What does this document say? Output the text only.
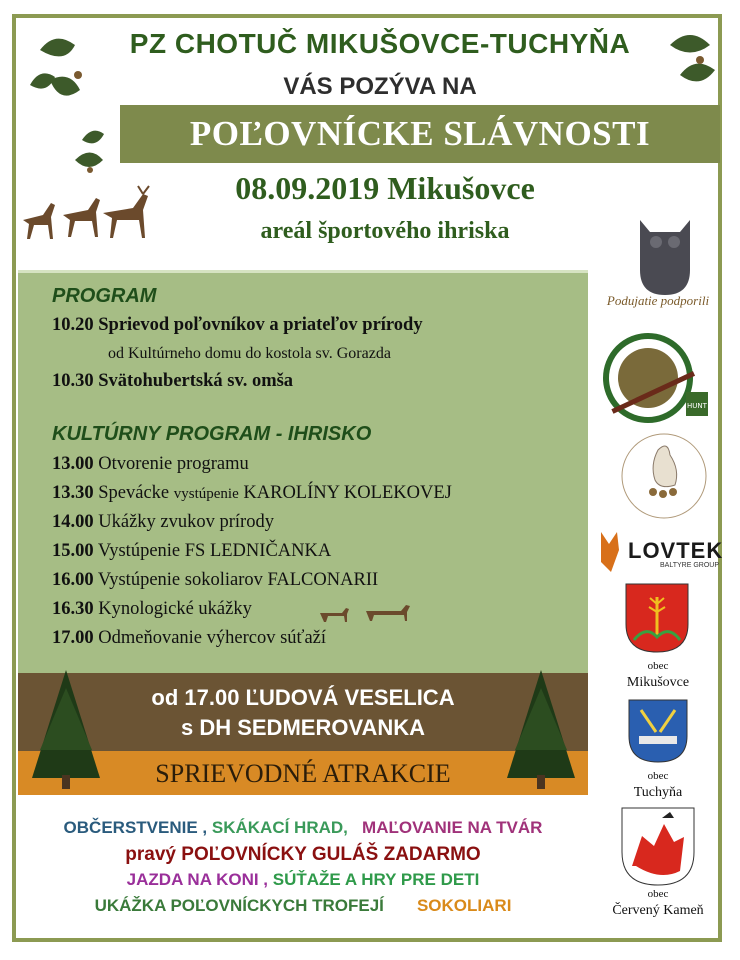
PZ CHOTUČ MIKUŠOVCE-TUCHYŇA
VÁS POZÝVA NA
POĽOVNÍCKE SLÁVNOSTI
08.09.2019 Mikušovce
areál športového ihriska
PROGRAM
10.20 Sprievod poľovníkov a priateľov prírody
od Kultúrneho domu do kostola sv. Gorazda
10.30 Svätohubertská sv. omša
KULTÚRNY PROGRAM - IHRISKO
13.00 Otvorenie programu
13.30 Spevácke vystúpenie KAROLÍNY KOLEKOVEJ
14.00 Ukážky zvukov prírody
15.00 Vystúpenie FS LEDNIČANKA
16.00 Vystúpenie sokoliarov FALCONARII
16.30 Kynologické ukážky
17.00 Odmeňovanie výhercov súťaží
od 17.00 ĽUDOVÁ VESELICA
s DH SEDMEROVANKA
SPRIEVODNÉ ATRAKCIE
OBČERSTVENIE , SKÁKACÍ HRAD, MAĽOVANIE NA TVÁR
pravý POĽOVNÍCKY GULÁŠ ZADARMO
JAZDA NA KONI , SÚŤAŽE A HRY PRE DETI
UKÁŽKA POĽOVNÍCKYCH TROFEJÍ SOKOLIARI
Podujatie podporili
HUNT
LOVTEK
BALTYRE GROUP
obec
Mikušovce
obec
Tuchyňa
obec
Červený Kameň
